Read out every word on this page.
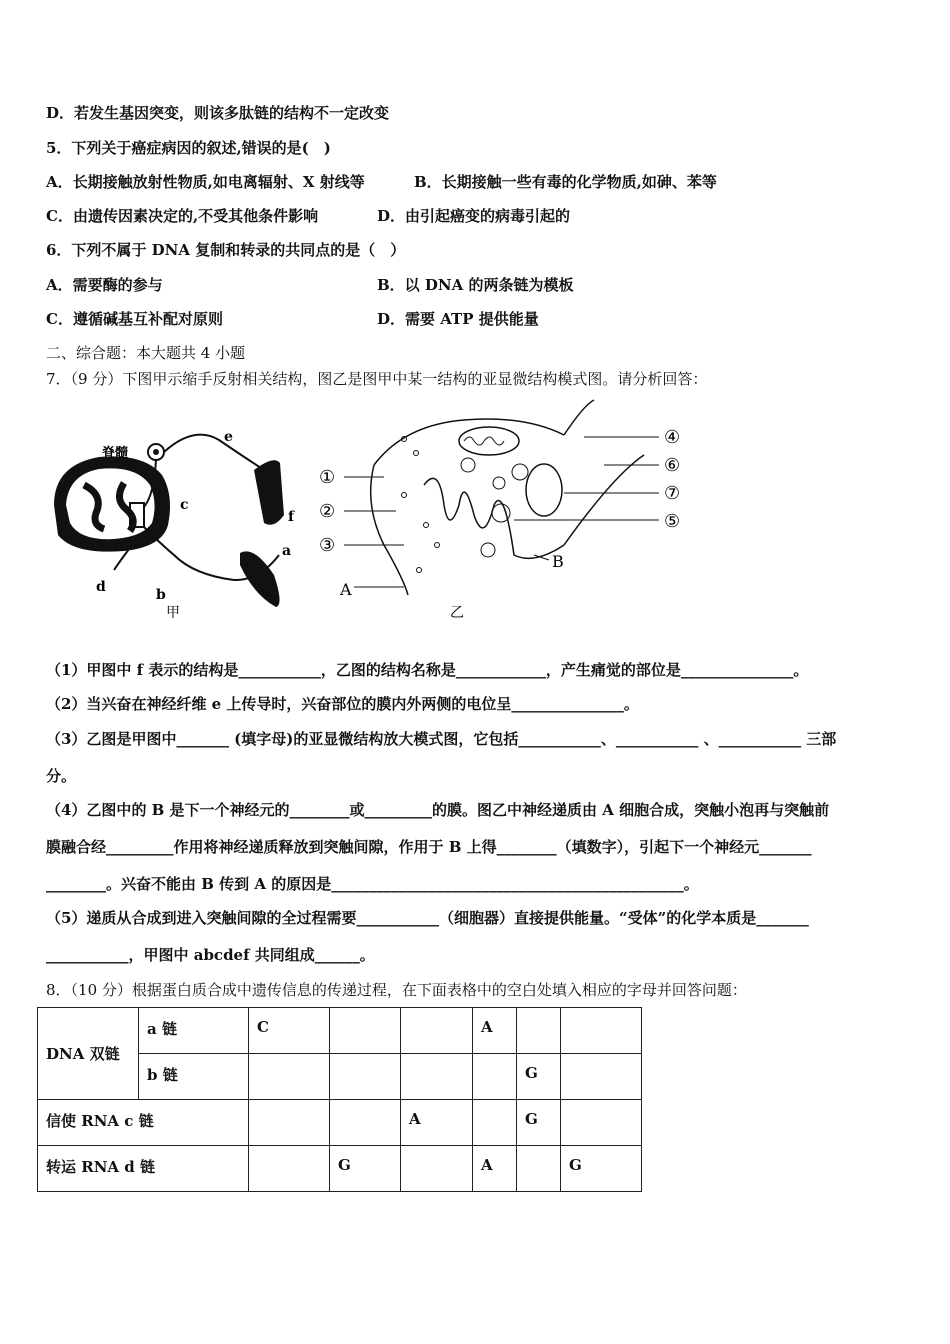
D．若发生基因突变，则该多肽链的结构不一定改变
5．下列关于癌症病因的叙述,错误的是(　)
A．长期接触放射性物质,如电离辐射、X 射线等	B．长期接触一些有毒的化学物质,如砷、苯等
C．由遗传因素决定的,不受其他条件影响	D．由引起癌变的病毒引起的
6．下列不属于 DNA 复制和转录的共同点的是（　）
A．需要酶的参与	B．以 DNA 的两条链为模板
C．遵循碱基互补配对原则	D．需要 ATP 提供能量
二、综合题：本大题共 4 小题
7．（9 分）下图甲示缩手反射相关结构，图乙是图甲中某一结构的亚显微结构模式图。请分析回答：
脊髓
e
c
f
a
d	b
甲
①
②
③
A
④
⑥
⑦
⑤
B
乙
（1）甲图中 f 表示的结构是___________，乙图的结构名称是____________，产生痛觉的部位是_______________。
（2）当兴奋在神经纤维 e 上传导时，兴奋部位的膜内外两侧的电位呈_______________。
（3）乙图是甲图中_______ (填字母)的亚显微结构放大模式图，它包括___________、___________ 、___________ 三部
分。
（4）乙图中的 B 是下一个神经元的________或_________的膜。图乙中神经递质由 A 细胞合成，突触小泡再与突触前
膜融合经_________作用将神经递质释放到突触间隙，作用于 B 上得________（填数字），引起下一个神经元_______
________。兴奋不能由 B 传到 A 的原因是_______________________________________________。
（5）递质从合成到进入突触间隙的全过程需要___________（细胞器）直接提供能量。“受体”的化学本质是_______
___________，甲图中 abcdef 共同组成______。
8．（10 分）根据蛋白质合成中遗传信息的传递过程，在下面表格中的空白处填入相应的字母并回答问题：
DNA 双链	a 链	C			A		
	b 链					G	
信使 RNA c 链				A		G	
转运 RNA d 链			G		A		G
